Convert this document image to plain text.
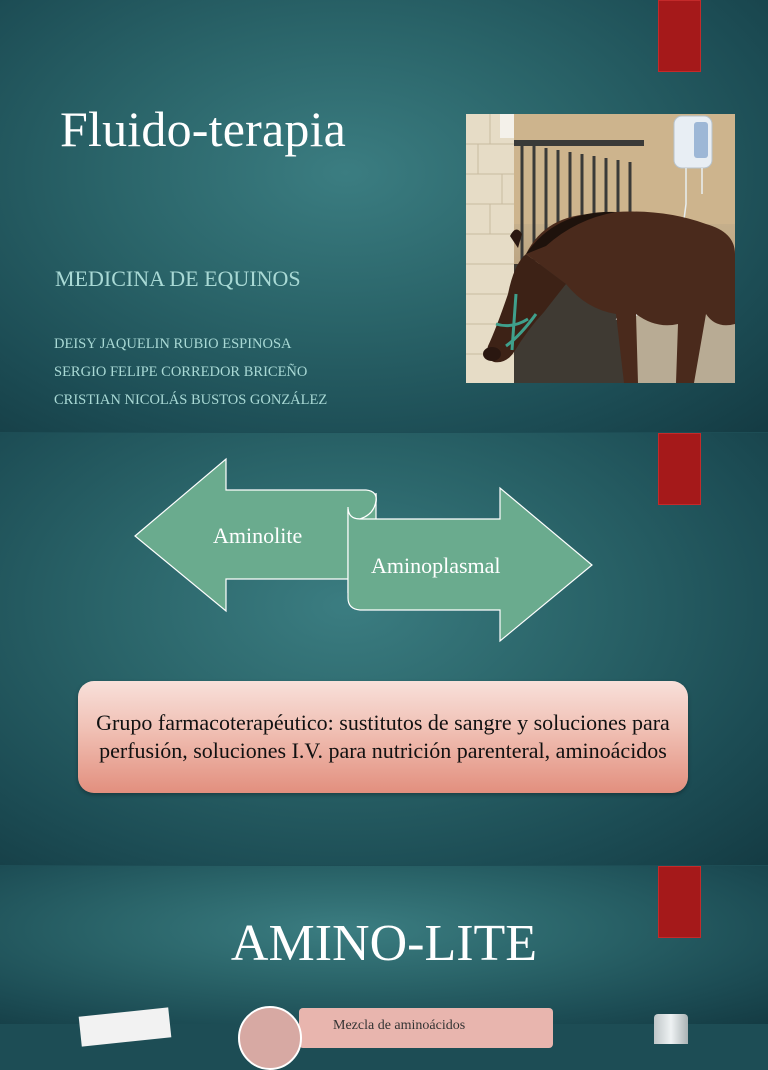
Fluido-terapia
MEDICINA DE EQUINOS
DEISY JAQUELIN RUBIO ESPINOSA
SERGIO FELIPE CORREDOR BRICEÑO
CRISTIAN NICOLÁS BUSTOS GONZÁLEZ
Aminolite
Aminoplasmal
Grupo farmacoterapéutico: sustitutos de sangre y soluciones para perfusión, soluciones I.V. para nutrición parenteral, aminoácidos
AMINO-LITE
Mezcla de aminoácidos
